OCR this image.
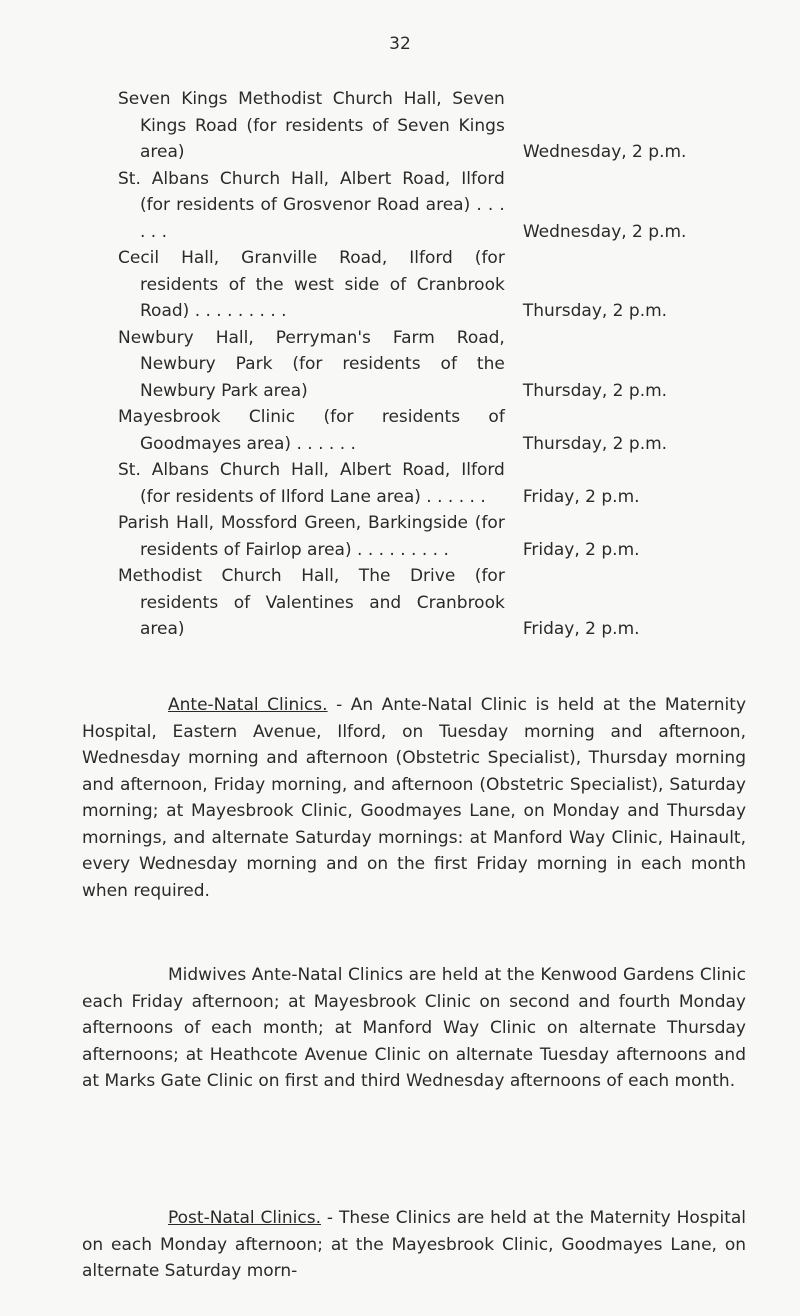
32
Seven Kings Methodist Church Hall, Seven Kings Road (for residents of Seven Kings area)	Wednesday, 2 p.m.
St. Albans Church Hall, Albert Road, Ilford (for residents of Grosvenor Road area) . . . . . .	Wednesday, 2 p.m.
Cecil Hall, Granville Road, Ilford (for residents of the west side of Cranbrook Road) . . . . . . . . .	Thursday, 2 p.m.
Newbury Hall, Perryman's Farm Road, Newbury Park (for residents of the Newbury Park area)	Thursday, 2 p.m.
Mayesbrook Clinic (for residents of Goodmayes area) . . . . . .	Thursday, 2 p.m.
St. Albans Church Hall, Albert Road, Ilford (for residents of Ilford Lane area) . . . . . .	Friday, 2 p.m.
Parish Hall, Mossford Green, Barkingside (for residents of Fairlop area) . . . . . . . . .	Friday, 2 p.m.
Methodist Church Hall, The Drive (for residents of Valentines and Cranbrook area)	Friday, 2 p.m.
Ante-Natal Clinics. - An Ante-Natal Clinic is held at the Maternity Hospital, Eastern Avenue, Ilford, on Tuesday morning and afternoon, Wednesday morning and afternoon (Obstetric Specialist), Thursday morning and afternoon, Friday morning, and afternoon (Obstetric Specialist), Saturday morning; at Mayesbrook Clinic, Goodmayes Lane, on Monday and Thursday mornings, and alternate Saturday mornings: at Manford Way Clinic, Hainault, every Wednesday morning and on the first Friday morning in each month when required.
Midwives Ante-Natal Clinics are held at the Kenwood Gardens Clinic each Friday afternoon; at Mayesbrook Clinic on second and fourth Monday afternoons of each month; at Manford Way Clinic on alternate Thursday afternoons; at Heathcote Avenue Clinic on alternate Tuesday afternoons and at Marks Gate Clinic on first and third Wednesday afternoons of each month.
Post-Natal Clinics. - These Clinics are held at the Maternity Hospital on each Monday afternoon; at the Mayesbrook Clinic, Goodmayes Lane, on alternate Saturday morn-
